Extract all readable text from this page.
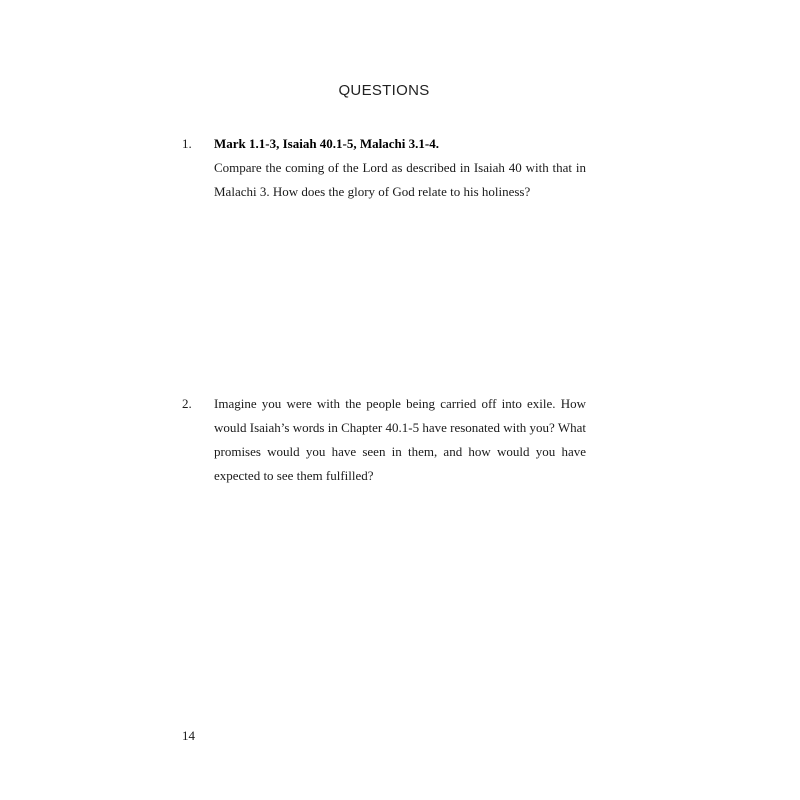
QUESTIONS
1. Mark 1.1-3, Isaiah 40.1-5, Malachi 3.1-4.
Compare the coming of the Lord as described in Isaiah 40 with that in Malachi 3. How does the glory of God relate to his holiness?
2. Imagine you were with the people being carried off into exile. How would Isaiah’s words in Chapter 40.1-5 have resonated with you? What promises would you have seen in them, and how would you have expected to see them fulfilled?
14
